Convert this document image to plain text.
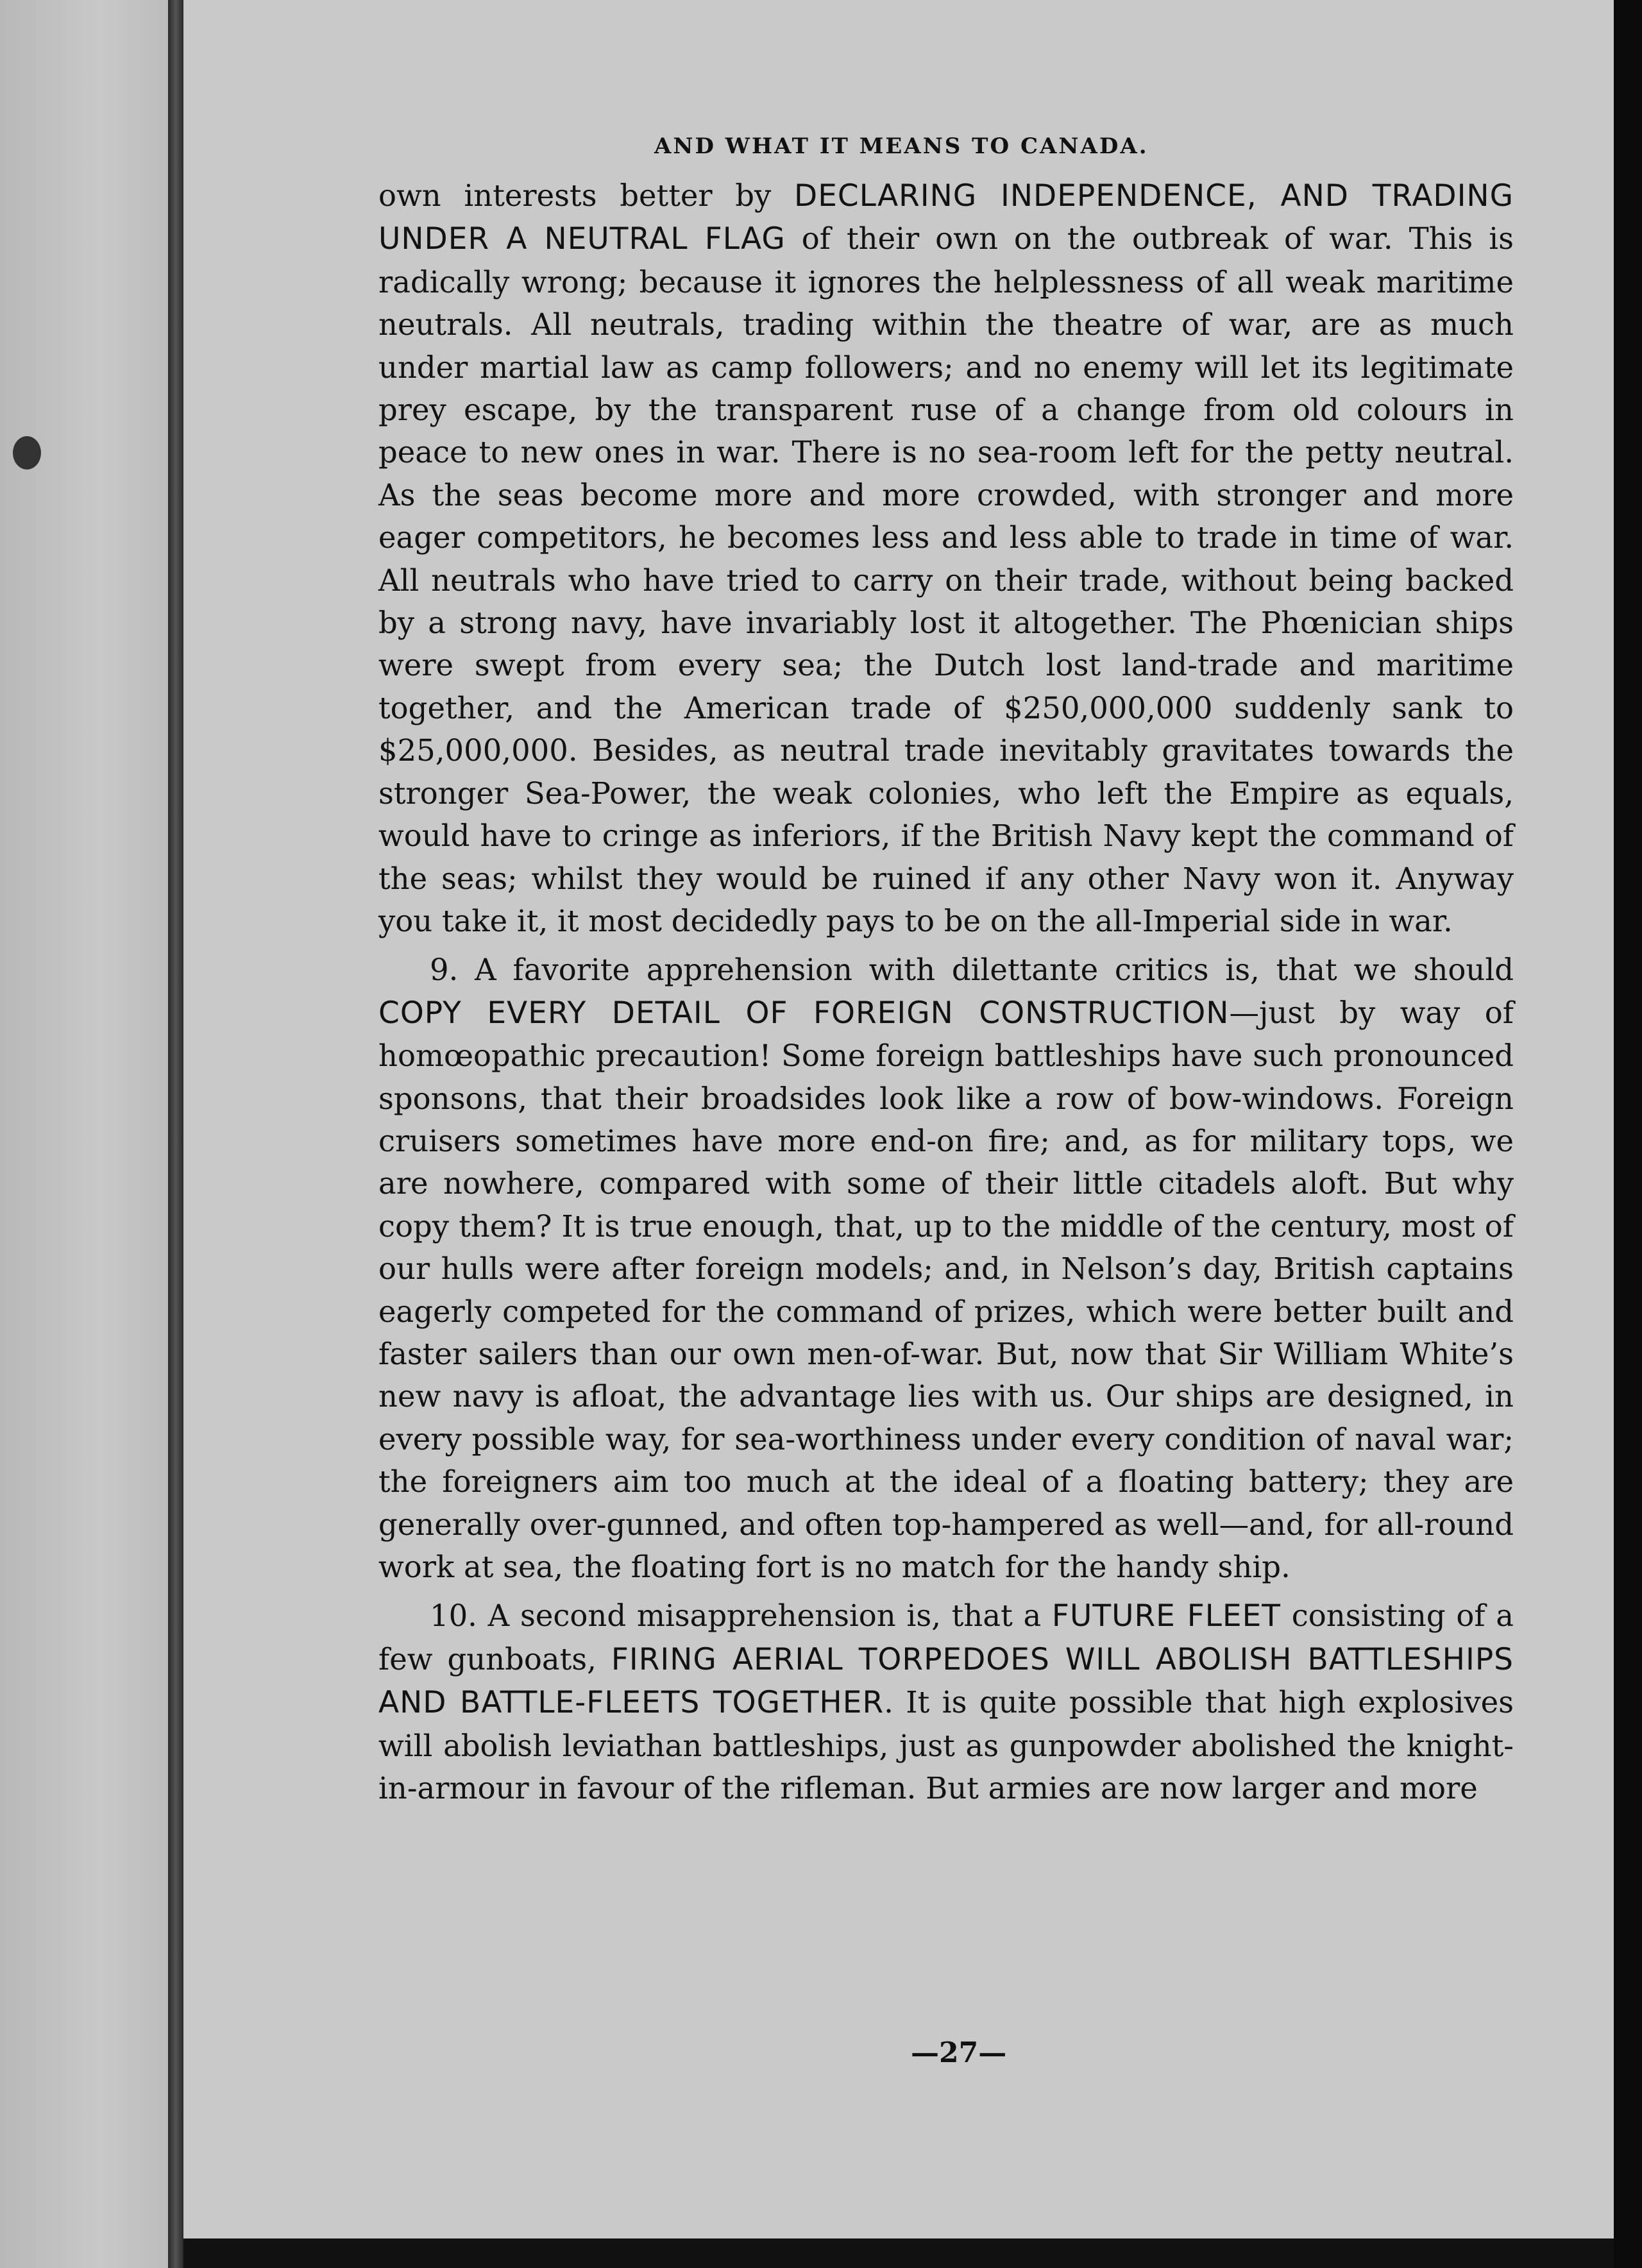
AND WHAT IT MEANS TO CANADA.

own interests better by DECLARING INDEPENDENCE, AND TRADING UNDER A NEUTRAL FLAG of their own on the outbreak of war. This is radically wrong; because it ignores the helplessness of all weak maritime neutrals. All neutrals, trading within the theatre of war, are as much under martial law as camp followers; and no enemy will let its legitimate prey escape, by the transparent ruse of a change from old colours in peace to new ones in war. There is no sea-room left for the petty neutral. As the seas become more and more crowded, with stronger and more eager competitors, he becomes less and less able to trade in time of war. All neutrals who have tried to carry on their trade, without being backed by a strong navy, have invariably lost it altogether. The Phœnician ships were swept from every sea; the Dutch lost land-trade and maritime together, and the American trade of $250,000,000 suddenly sank to $25,000,000. Besides, as neutral trade inevitably gravitates towards the stronger Sea-Power, the weak colonies, who left the Empire as equals, would have to cringe as inferiors, if the British Navy kept the command of the seas; whilst they would be ruined if any other Navy won it. Anyway you take it, it most decidedly pays to be on the all-Imperial side in war.

9. A favorite apprehension with dilettante critics is, that we should COPY EVERY DETAIL OF FOREIGN CONSTRUCTION—just by way of homœopathic precaution! Some foreign battleships have such pronounced sponsons, that their broadsides look like a row of bow-windows. Foreign cruisers sometimes have more end-on fire; and, as for military tops, we are nowhere, compared with some of their little citadels aloft. But why copy them? It is true enough, that, up to the middle of the century, most of our hulls were after foreign models; and, in Nelson’s day, British captains eagerly competed for the command of prizes, which were better built and faster sailers than our own men-of-war. But, now that Sir William White’s new navy is afloat, the advantage lies with us. Our ships are designed, in every possible way, for sea-worthiness under every condition of naval war; the foreigners aim too much at the ideal of a floating battery; they are generally over-gunned, and often top-hampered as well—and, for all-round work at sea, the floating fort is no match for the handy ship.

10. A second misapprehension is, that a FUTURE FLEET consisting of a few gunboats, FIRING AERIAL TORPEDOES WILL ABOLISH BATTLESHIPS AND BATTLE-FLEETS TOGETHER. It is quite possible that high explosives will abolish leviathan battleships, just as gunpowder abolished the knight-in-armour in favour of the rifleman. But armies are now larger and more

—27—
